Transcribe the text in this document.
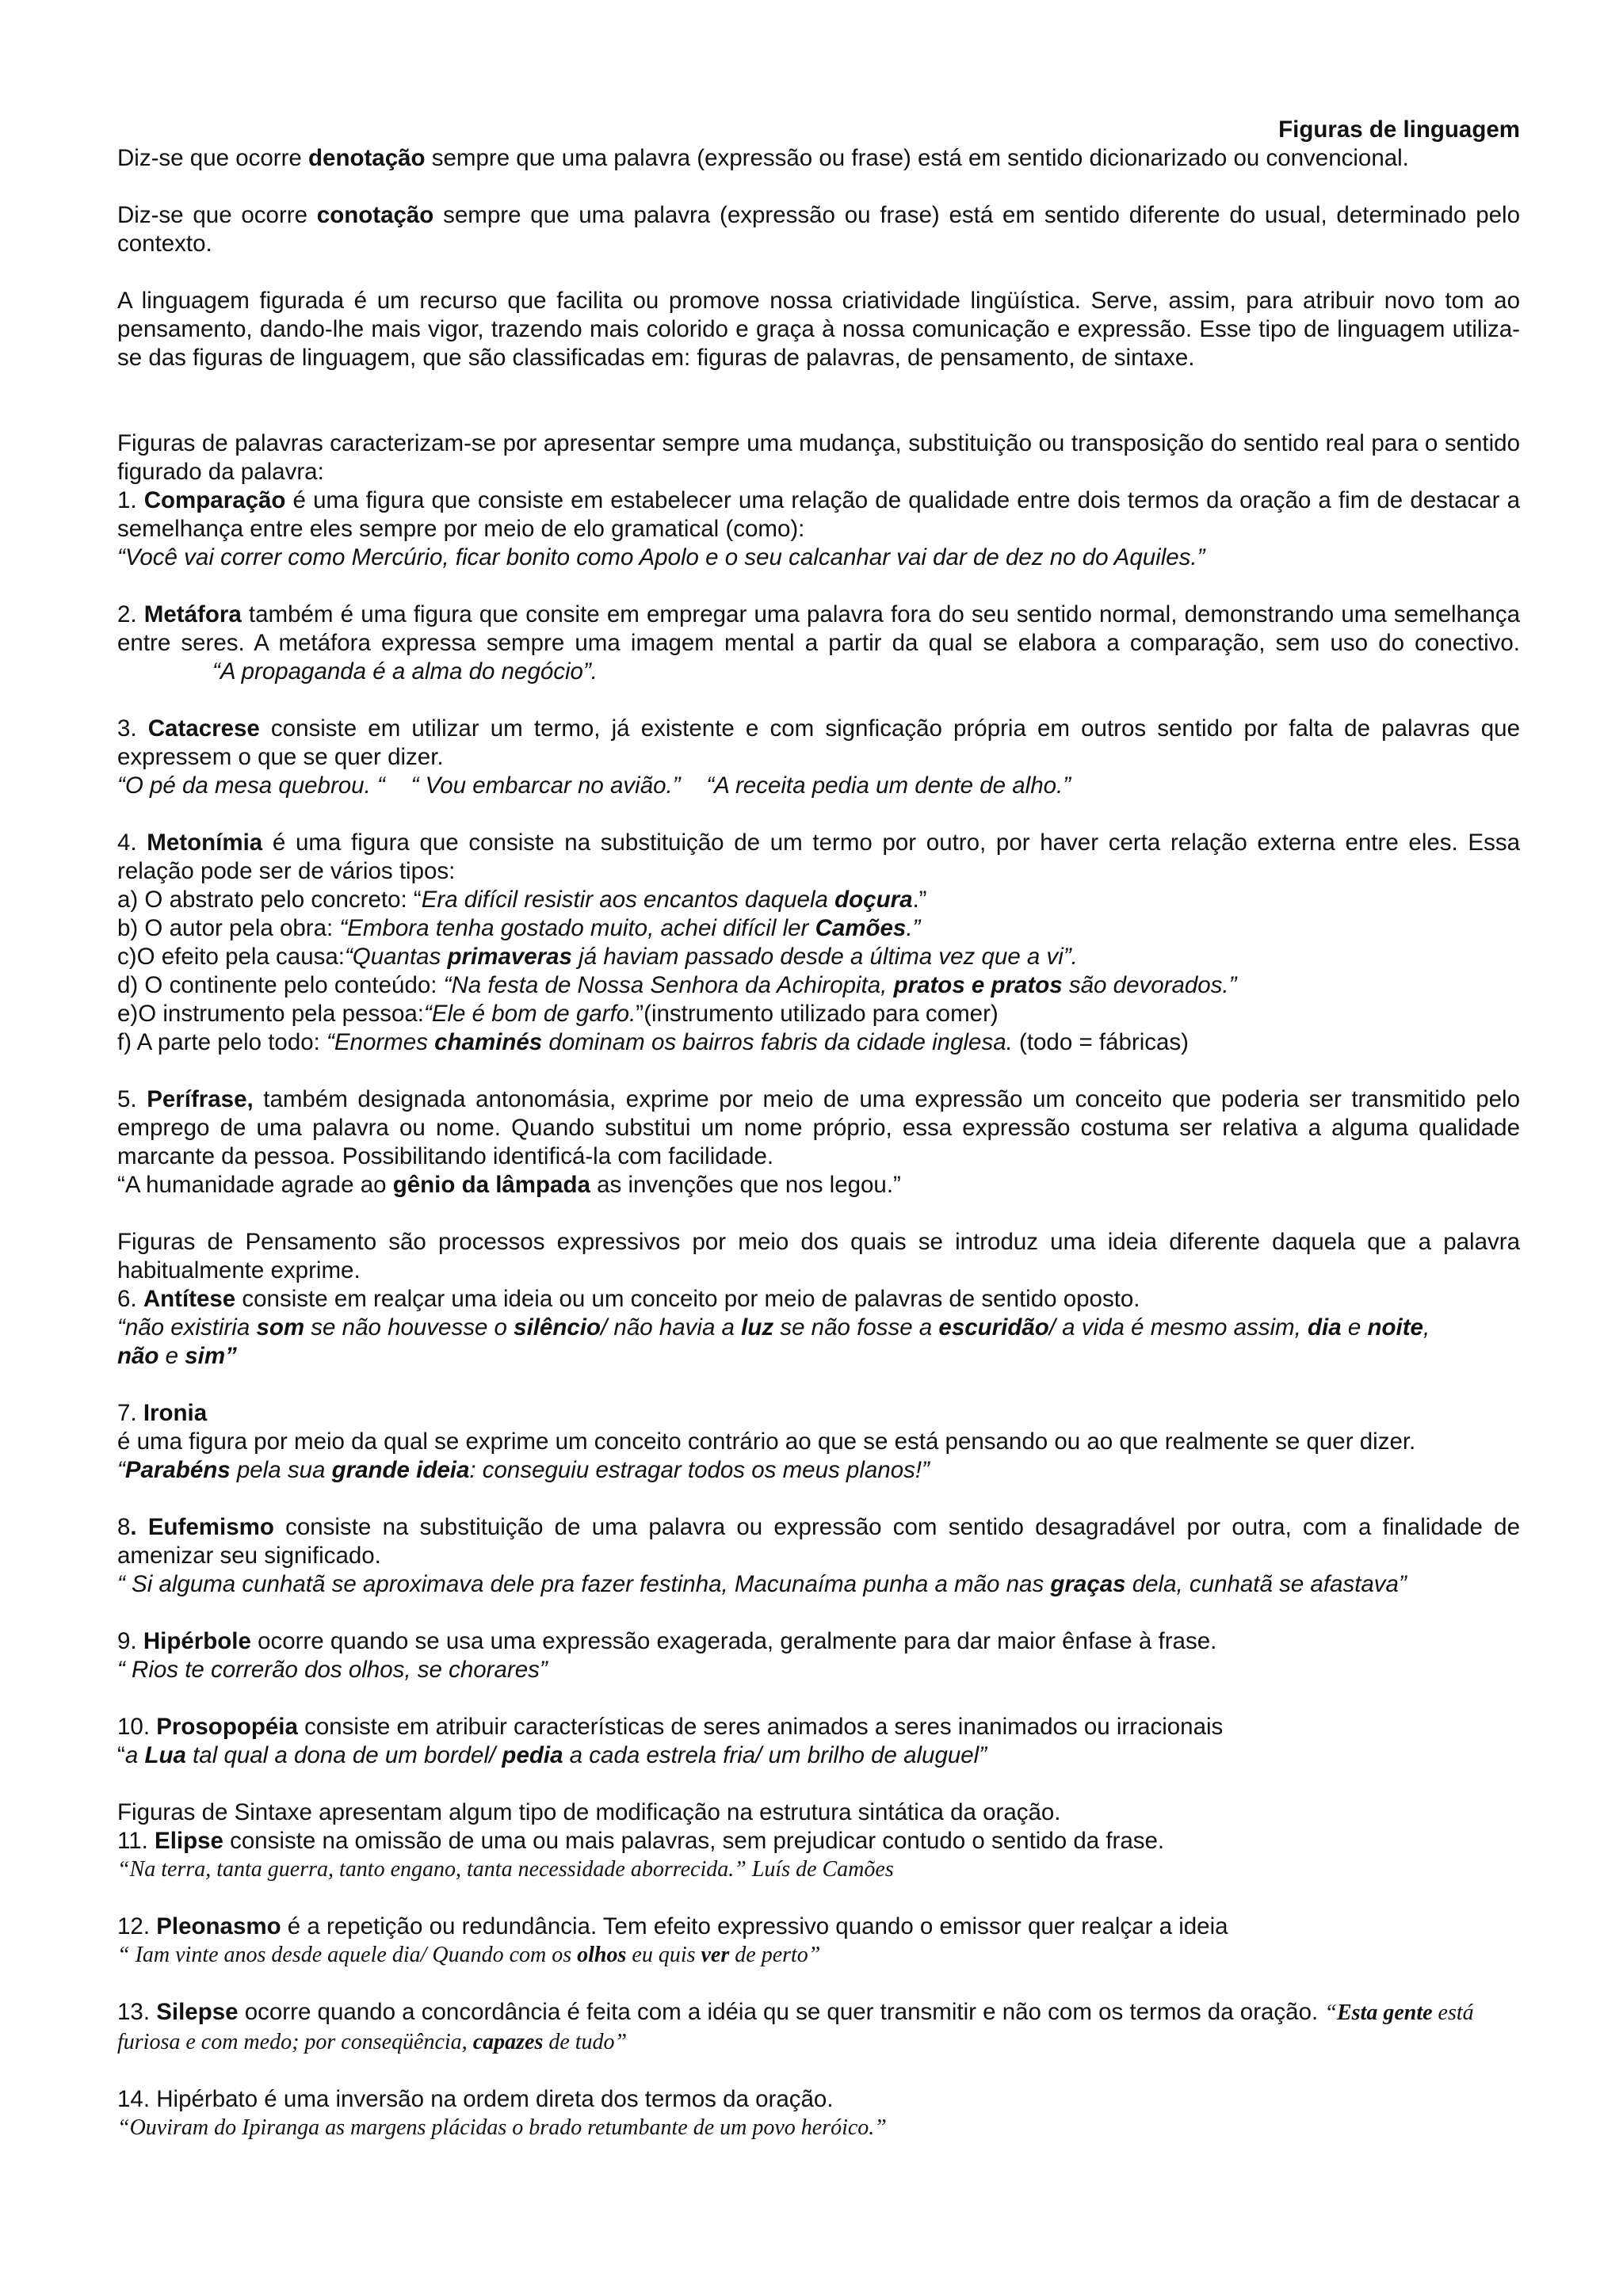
Figuras de linguagem

Diz-se que ocorre denotação sempre que uma palavra (expressão ou frase) está em sentido dicionarizado ou convencional.

Diz-se que ocorre conotação sempre que uma palavra (expressão ou frase) está em sentido diferente do usual, determinado pelo contexto.

A linguagem figurada é um recurso que facilita ou promove nossa criatividade lingüística. Serve, assim, para atribuir novo tom ao pensamento, dando-lhe mais vigor, trazendo mais colorido e graça à nossa comunicação e expressão. Esse tipo de linguagem utiliza-se das figuras de linguagem, que são classificadas em: figuras de palavras, de pensamento, de sintaxe.

Figuras de palavras caracterizam-se por apresentar sempre uma mudança, substituição ou transposição do sentido real para o sentido figurado da palavra:

1. Comparação é uma figura que consiste em estabelecer uma relação de qualidade entre dois termos da oração a fim de destacar a semelhança entre eles sempre por meio de elo gramatical (como):

“Você vai correr como Mercúrio, ficar bonito como Apolo e o seu calcanhar vai dar de dez no do Aquiles.”

2. Metáfora também é uma figura que consite em empregar uma palavra fora do seu sentido normal, demonstrando uma semelhança entre seres. A metáfora expressa sempre uma imagem mental a partir da qual se elabora a comparação, sem uso do conectivo.“A propaganda é a alma do negócio”.

3. Catacrese consiste em utilizar um termo, já existente e com signficação própria em outros sentido por falta de palavras que expressem o que se quer dizer.

“O pé da mesa quebrou. “ “ Vou embarcar no avião.” “A receita pedia um dente de alho.”

4. Metonímia é uma figura que consiste na substituição de um termo por outro, por haver certa relação externa entre eles. Essa relação pode ser de vários tipos:

a) O abstrato pelo concreto: “Era difícil resistir aos encantos daquela doçura.”

b) O autor pela obra: “Embora tenha gostado muito, achei difícil ler Camões.”

c)O efeito pela causa:“Quantas primaveras já haviam passado desde a última vez que a vi”.

d) O continente pelo conteúdo: “Na festa de Nossa Senhora da Achiropita, pratos e pratos são devorados.”

e)O instrumento pela pessoa:“Ele é bom de garfo.”(instrumento utilizado para comer)

f) A parte pelo todo: “Enormes chaminés dominam os bairros fabris da cidade inglesa. (todo = fábricas)

5. Perífrase, também designada antonomásia, exprime por meio de uma expressão um conceito que poderia ser transmitido pelo emprego de uma palavra ou nome. Quando substitui um nome próprio, essa expressão costuma ser relativa a alguma qualidade marcante da pessoa. Possibilitando identificá-la com facilidade.

“A humanidade agrade ao gênio da lâmpada as invenções que nos legou.”

Figuras de Pensamento são processos expressivos por meio dos quais se introduz uma ideia diferente daquela que a palavra habitualmente exprime.

6. Antítese consiste em realçar uma ideia ou um conceito por meio de palavras de sentido oposto.

“não existiria som se não houvesse o silêncio/ não havia a luz se não fosse a escuridão/ a vida é mesmo assim, dia e noite,
não e sim”

7. Ironiaé uma figura por meio da qual se exprime um conceito contrário ao que se está pensando ou ao que realmente se quer dizer.“Parabéns pela sua grande ideia: conseguiu estragar todos os meus planos!”

8. Eufemismo consiste na substituição de uma palavra ou expressão com sentido desagradável por outra, com a finalidade de amenizar seu significado.

“ Si alguma cunhatã se aproximava dele pra fazer festinha, Macunaíma punha a mão nas graças dela, cunhatã se afastava”

9. Hipérbole ocorre quando se usa uma expressão exagerada, geralmente para dar maior ênfase à frase.

“ Rios te correrão dos olhos, se chorares”

10. Prosopopéia consiste em atribuir características de seres animados a seres inanimados ou irracionais

“a Lua tal qual a dona de um bordel/ pedia a cada estrela fria/ um brilho de aluguel”

Figuras de Sintaxe apresentam algum tipo de modificação na estrutura sintática da oração.

11. Elipse consiste na omissão de uma ou mais palavras, sem prejudicar contudo o sentido da frase.

“Na terra, tanta guerra, tanto engano, tanta necessidade aborrecida.” Luís de Camões

12. Pleonasmo é a repetição ou redundância. Tem efeito expressivo quando o emissor quer realçar a ideia

“ Iam vinte anos desde aquele dia/ Quando com os olhos eu quis ver de perto”

13. Silepse ocorre quando a concordância é feita com a idéia qu se quer transmitir e não com os termos da oração. “Esta gente está furiosa e com medo; por conseqüência, capazes de tudo”

14. Hipérbato é uma inversão na ordem direta dos termos da oração.

“Ouviram do Ipiranga as margens plácidas o brado retumbante de um povo heróico.”
